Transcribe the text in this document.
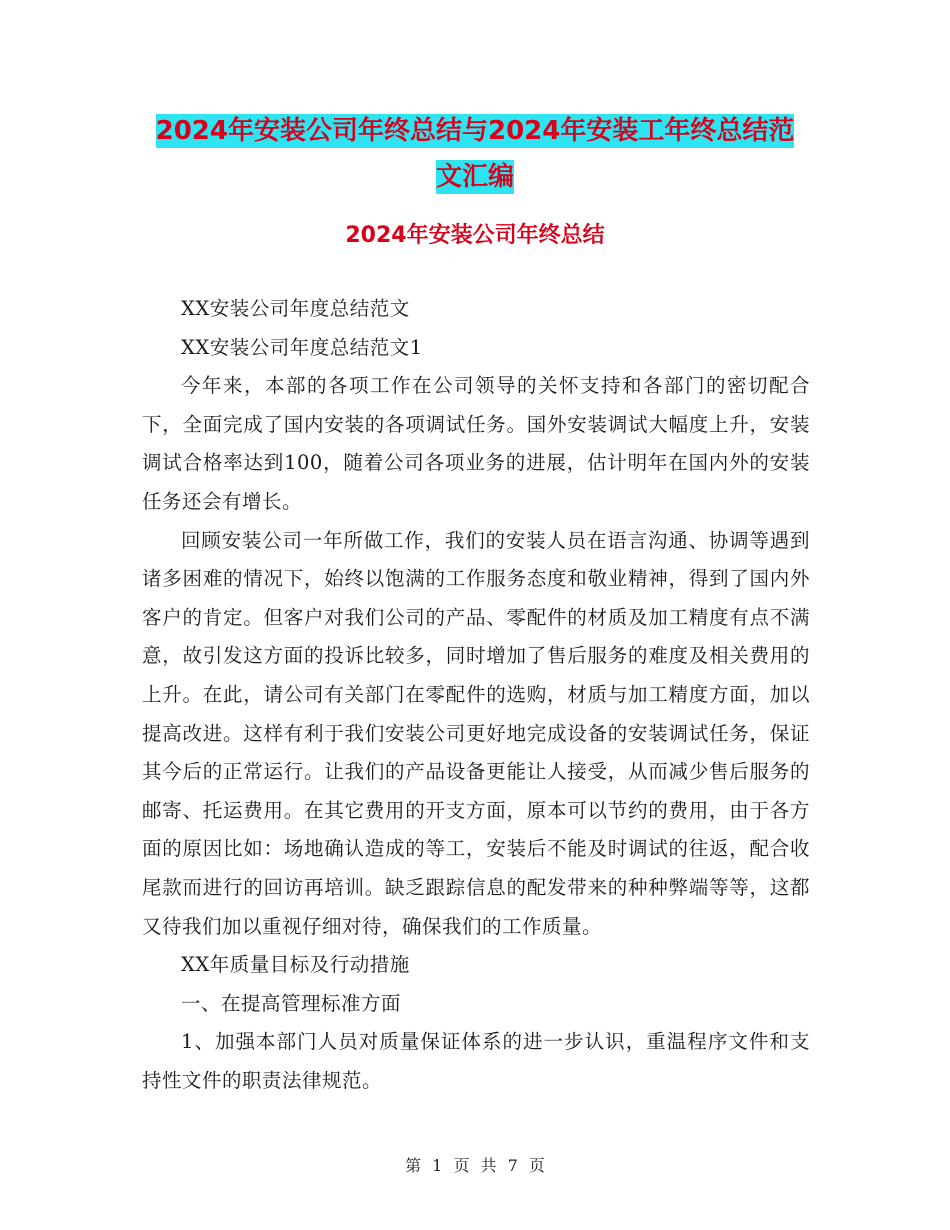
2024年安装公司年终总结与2024年安装工年终总结范
文汇编
2024年安装公司年终总结

XX安装公司年度总结范文

XX安装公司年度总结范文1

今年来，本部的各项工作在公司领导的关怀支持和各部门的密切配合下，全面完成了国内安装的各项调试任务。国外安装调试大幅度上升，安装调试合格率达到100，随着公司各项业务的进展，估计明年在国内外的安装任务还会有增长。

回顾安装公司一年所做工作，我们的安装人员在语言沟通、协调等遇到诸多困难的情况下，始终以饱满的工作服务态度和敬业精神，得到了国内外客户的肯定。但客户对我们公司的产品、零配件的材质及加工精度有点不满意，故引发这方面的投诉比较多，同时增加了售后服务的难度及相关费用的上升。在此，请公司有关部门在零配件的选购，材质与加工精度方面，加以提高改进。这样有利于我们安装公司更好地完成设备的安装调试任务，保证其今后的正常运行。让我们的产品设备更能让人接受，从而减少售后服务的邮寄、托运费用。在其它费用的开支方面，原本可以节约的费用，由于各方面的原因比如：场地确认造成的等工，安装后不能及时调试的往返，配合收尾款而进行的回访再培训。缺乏跟踪信息的配发带来的种种弊端等等，这都又待我们加以重视仔细对待，确保我们的工作质量。

XX年质量目标及行动措施

一、在提高管理标准方面

1、加强本部门人员对质量保证体系的进一步认识，重温程序文件和支持性文件的职责法律规范。

第 1 页 共 7 页
